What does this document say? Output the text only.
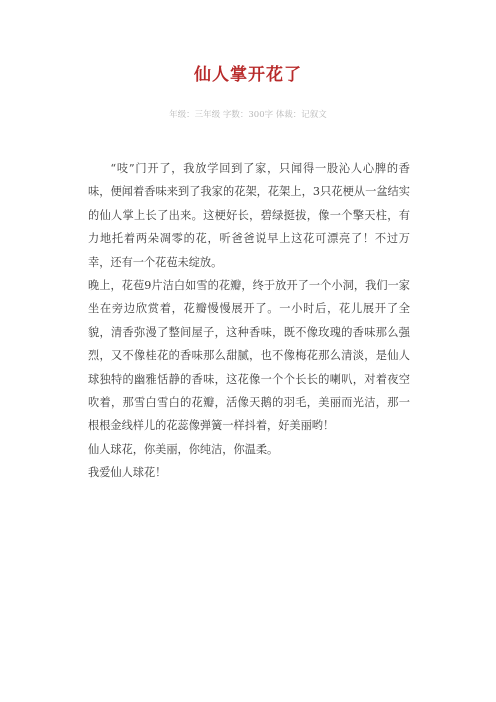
仙人掌开花了
年级：三年级 字数：300字 体裁：记叙文

“吱”门开了，我放学回到了家，只闻得一股沁人心脾的香味，便闻着香味来到了我家的花架，花架上，3只花梗从一盆结实的仙人掌上长了出来。这梗好长，碧绿挺拔，像一个擎天柱，有力地托着两朵凋零的花，听爸爸说早上这花可漂亮了！不过万幸，还有一个花苞未绽放。

晚上，花苞9片洁白如雪的花瓣，终于放开了一个小洞，我们一家坐在旁边欣赏着，花瓣慢慢展开了。一小时后，花儿展开了全貌，清香弥漫了整间屋子，这种香味，既不像玫瑰的香味那么强烈，又不像桂花的香味那么甜腻，也不像梅花那么清淡，是仙人球独特的幽雅恬静的香味，这花像一个个长长的喇叭，对着夜空吹着，那雪白雪白的花瓣，活像天鹅的羽毛，美丽而光洁，那一根根金线样儿的花蕊像弹簧一样抖着，好美丽哟！

仙人球花，你美丽，你纯洁，你温柔。

我爱仙人球花！
